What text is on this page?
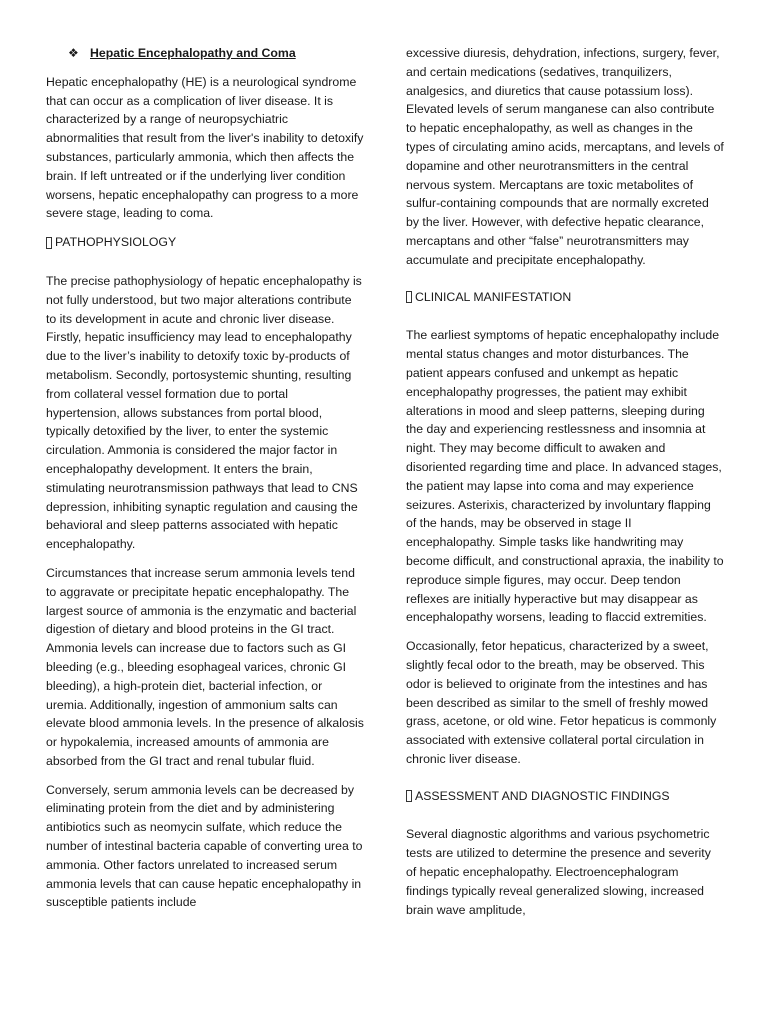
❖ Hepatic Encephalopathy and Coma

Hepatic encephalopathy (HE) is a neurological syndrome that can occur as a complication of liver disease. It is characterized by a range of neuropsychiatric abnormalities that result from the liver's inability to detoxify substances, particularly ammonia, which then affects the brain. If left untreated or if the underlying liver condition worsens, hepatic encephalopathy can progress to a more severe stage, leading to coma.

PATHOPHYSIOLOGY

The precise pathophysiology of hepatic encephalopathy is not fully understood, but two major alterations contribute to its development in acute and chronic liver disease. Firstly, hepatic insufficiency may lead to encephalopathy due to the liver’s inability to detoxify toxic by-products of metabolism. Secondly, portosystemic shunting, resulting from collateral vessel formation due to portal hypertension, allows substances from portal blood, typically detoxified by the liver, to enter the systemic circulation. Ammonia is considered the major factor in encephalopathy development. It enters the brain, stimulating neurotransmission pathways that lead to CNS depression, inhibiting synaptic regulation and causing the behavioral and sleep patterns associated with hepatic encephalopathy.

Circumstances that increase serum ammonia levels tend to aggravate or precipitate hepatic encephalopathy. The largest source of ammonia is the enzymatic and bacterial digestion of dietary and blood proteins in the GI tract. Ammonia levels can increase due to factors such as GI bleeding (e.g., bleeding esophageal varices, chronic GI bleeding), a high-protein diet, bacterial infection, or uremia. Additionally, ingestion of ammonium salts can elevate blood ammonia levels. In the presence of alkalosis or hypokalemia, increased amounts of ammonia are absorbed from the GI tract and renal tubular fluid.

Conversely, serum ammonia levels can be decreased by eliminating protein from the diet and by administering antibiotics such as neomycin sulfate, which reduce the number of intestinal bacteria capable of converting urea to ammonia. Other factors unrelated to increased serum ammonia levels that can cause hepatic encephalopathy in susceptible patients include

excessive diuresis, dehydration, infections, surgery, fever, and certain medications (sedatives, tranquilizers, analgesics, and diuretics that cause potassium loss). Elevated levels of serum manganese can also contribute to hepatic encephalopathy, as well as changes in the types of circulating amino acids, mercaptans, and levels of dopamine and other neurotransmitters in the central nervous system. Mercaptans are toxic metabolites of sulfur-containing compounds that are normally excreted by the liver. However, with defective hepatic clearance, mercaptans and other “false” neurotransmitters may accumulate and precipitate encephalopathy.

CLINICAL MANIFESTATION

The earliest symptoms of hepatic encephalopathy include mental status changes and motor disturbances. The patient appears confused and unkempt as hepatic encephalopathy progresses, the patient may exhibit alterations in mood and sleep patterns, sleeping during the day and experiencing restlessness and insomnia at night. They may become difficult to awaken and disoriented regarding time and place. In advanced stages, the patient may lapse into coma and may experience seizures. Asterixis, characterized by involuntary flapping of the hands, may be observed in stage II encephalopathy. Simple tasks like handwriting may become difficult, and constructional apraxia, the inability to reproduce simple figures, may occur. Deep tendon reflexes are initially hyperactive but may disappear as encephalopathy worsens, leading to flaccid extremities.

Occasionally, fetor hepaticus, characterized by a sweet, slightly fecal odor to the breath, may be observed. This odor is believed to originate from the intestines and has been described as similar to the smell of freshly mowed grass, acetone, or old wine. Fetor hepaticus is commonly associated with extensive collateral portal circulation in chronic liver disease.

ASSESSMENT AND DIAGNOSTIC FINDINGS

Several diagnostic algorithms and various psychometric tests are utilized to determine the presence and severity of hepatic encephalopathy. Electroencephalogram findings typically reveal generalized slowing, increased brain wave amplitude,
